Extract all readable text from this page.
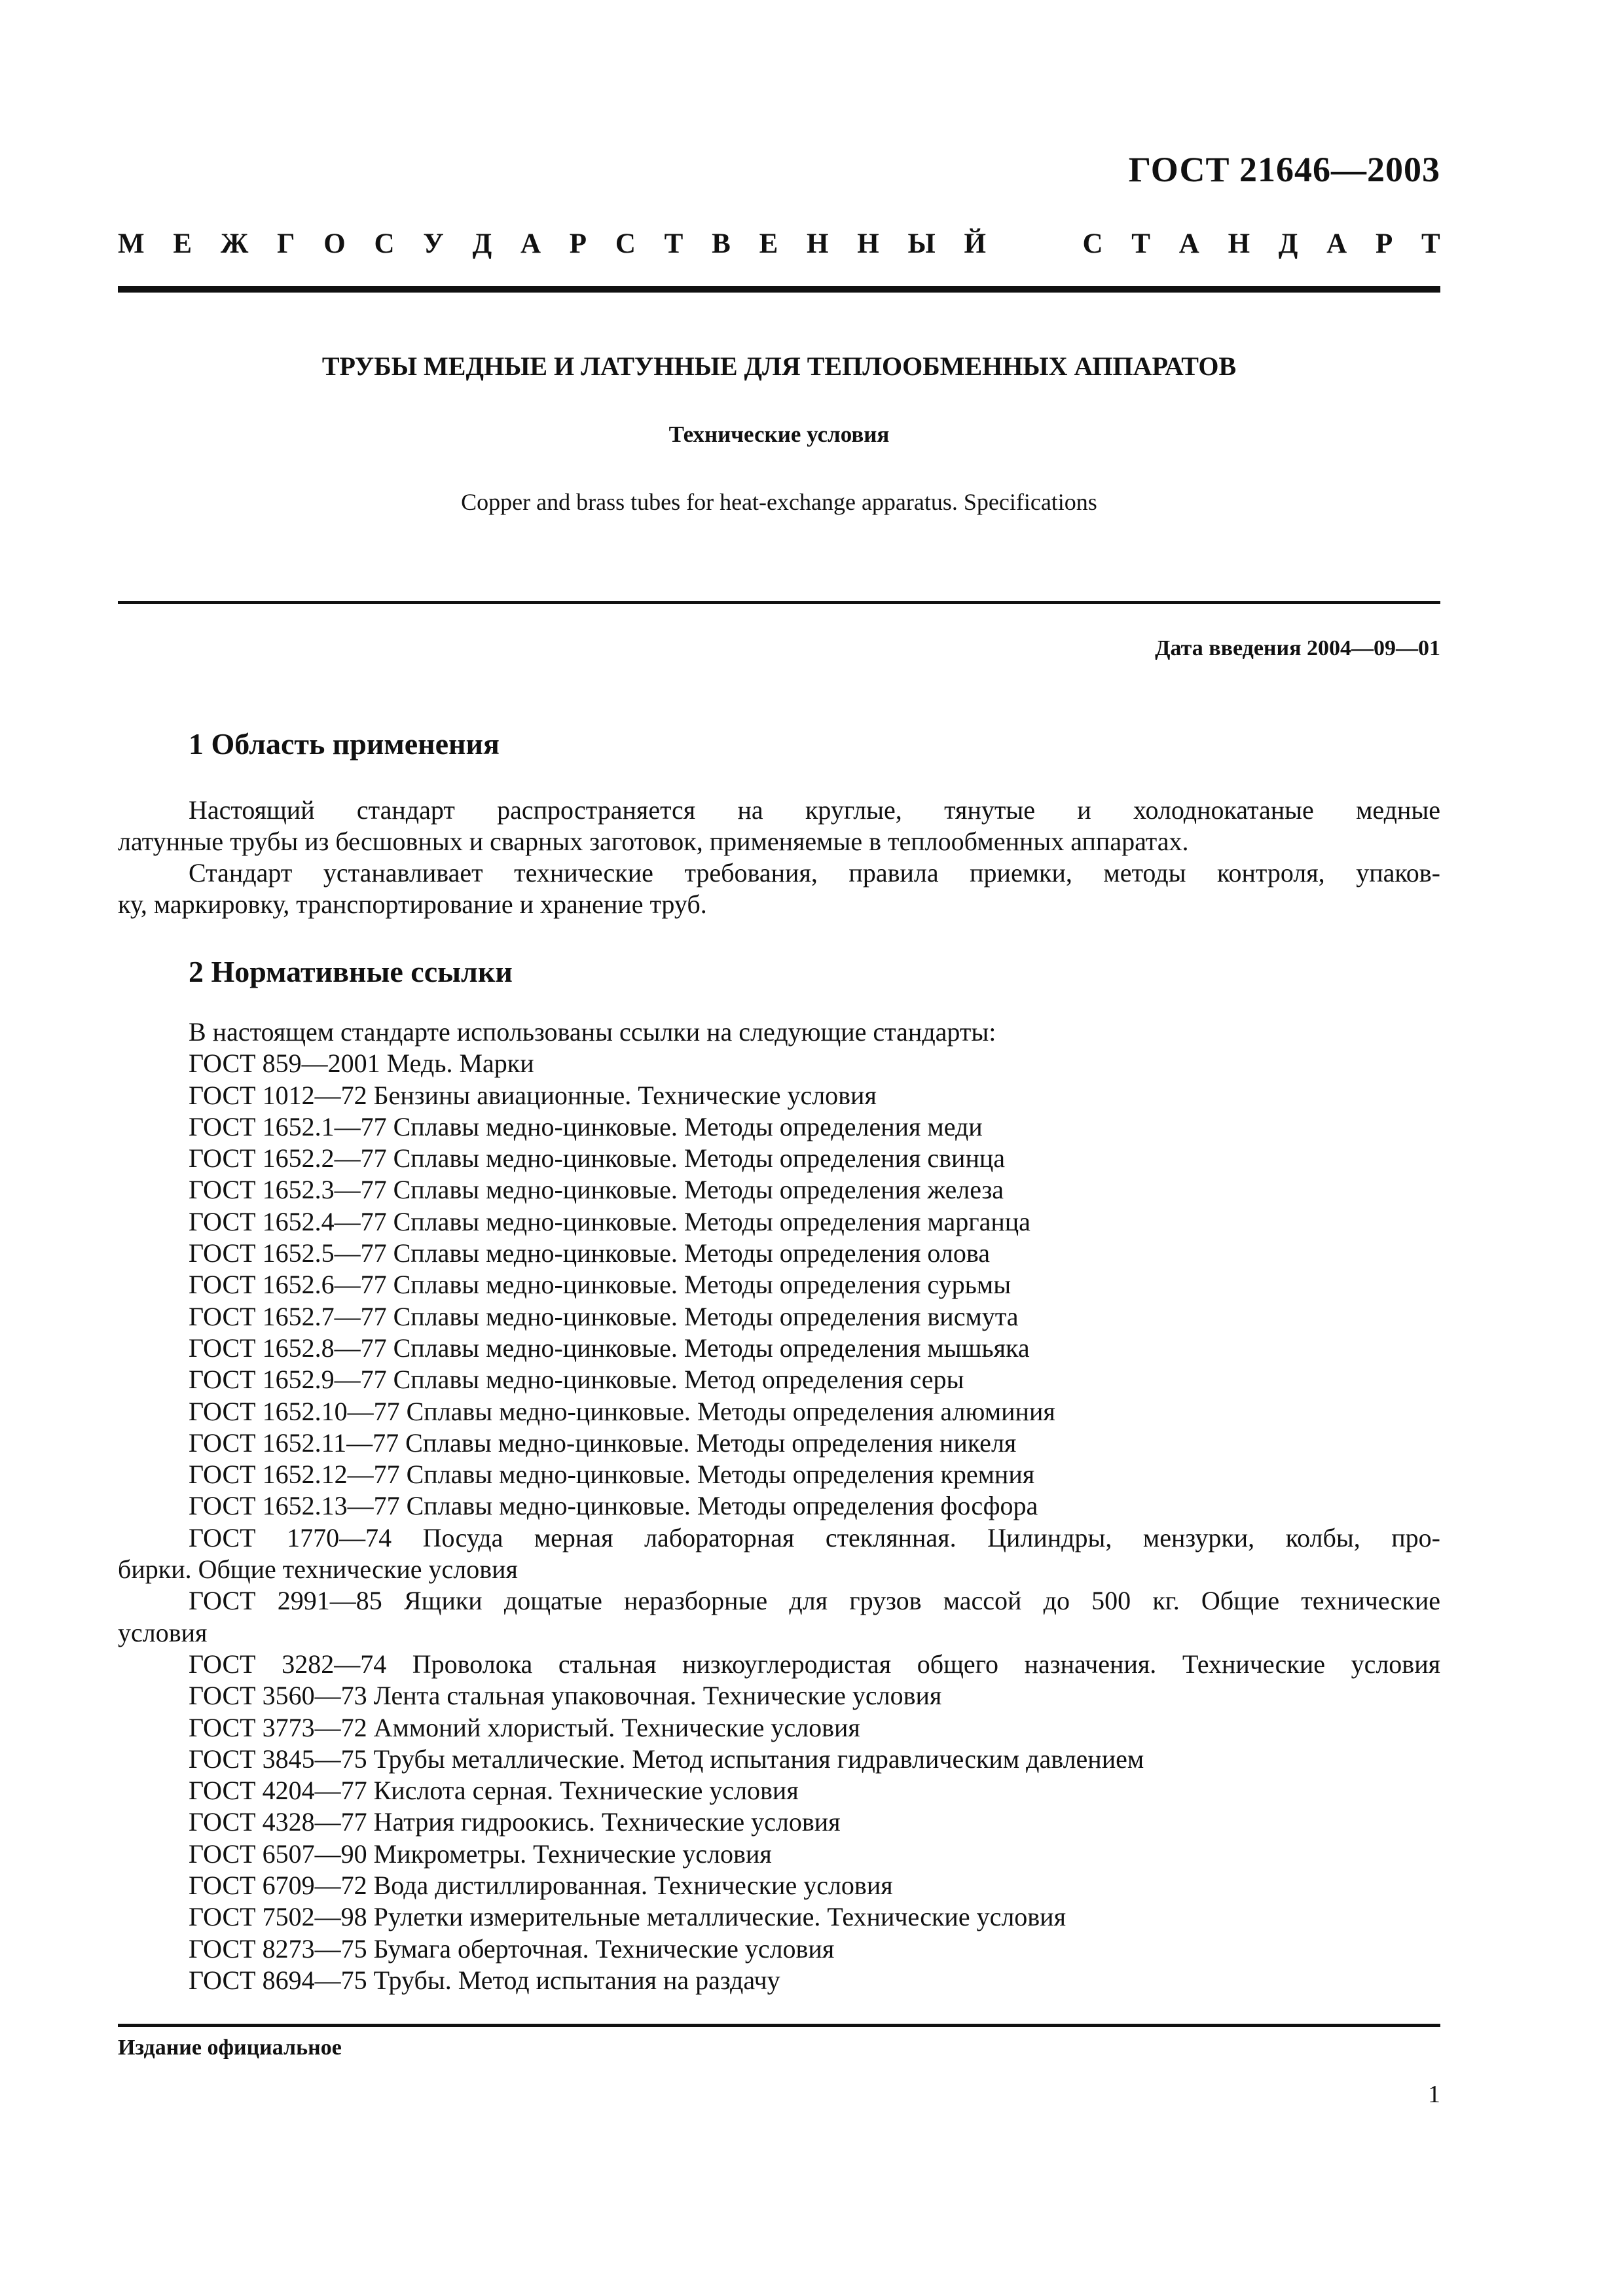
ГОСТ 21646—2003
М Е Ж Г О С У Д А Р С Т В Е Н Н Ы Й	С Т А Н Д А Р Т
ТРУБЫ МЕДНЫЕ И ЛАТУННЫЕ ДЛЯ ТЕПЛООБМЕННЫХ АППАРАТОВ
Технические условия
Copper and brass tubes for heat-exchange apparatus. Specifications
Дата введения 2004—09—01
1 Область применения
Настоящий стандарт распространяется на круглые, тянутые и холоднокатаные медные
латунные трубы из бесшовных и сварных заготовок, применяемые в теплообменных аппаратах.
Стандарт устанавливает технические требования, правила приемки, методы контроля, упаков-
ку, маркировку, транспортирование и хранение труб.
2 Нормативные ссылки
В настоящем стандарте использованы ссылки на следующие стандарты:
ГОСТ 859—2001 Медь. Марки
ГОСТ 1012—72 Бензины авиационные. Технические условия
ГОСТ 1652.1—77 Сплавы медно-цинковые. Методы определения меди
ГОСТ 1652.2—77 Сплавы медно-цинковые. Методы определения свинца
ГОСТ 1652.3—77 Сплавы медно-цинковые. Методы определения железа
ГОСТ 1652.4—77 Сплавы медно-цинковые. Методы определения марганца
ГОСТ 1652.5—77 Сплавы медно-цинковые. Методы определения олова
ГОСТ 1652.6—77 Сплавы медно-цинковые. Методы определения сурьмы
ГОСТ 1652.7—77 Сплавы медно-цинковые. Методы определения висмута
ГОСТ 1652.8—77 Сплавы медно-цинковые. Методы определения мышьяка
ГОСТ 1652.9—77 Сплавы медно-цинковые. Метод определения серы
ГОСТ 1652.10—77 Сплавы медно-цинковые. Методы определения алюминия
ГОСТ 1652.11—77 Сплавы медно-цинковые. Методы определения никеля
ГОСТ 1652.12—77 Сплавы медно-цинковые. Методы определения кремния
ГОСТ 1652.13—77 Сплавы медно-цинковые. Методы определения фосфора
ГОСТ 1770—74 Посуда мерная лабораторная стеклянная. Цилиндры, мензурки, колбы, про-
бирки. Общие технические условия
ГОСТ 2991—85 Ящики дощатые неразборные для грузов массой до 500 кг. Общие технические
условия
ГОСТ 3282—74 Проволока стальная низкоуглеродистая общего назначения. Технические условия
ГОСТ 3560—73 Лента стальная упаковочная. Технические условия
ГОСТ 3773—72 Аммоний хлористый. Технические условия
ГОСТ 3845—75 Трубы металлические. Метод испытания гидравлическим давлением
ГОСТ 4204—77 Кислота серная. Технические условия
ГОСТ 4328—77 Натрия гидроокись. Технические условия
ГОСТ 6507—90 Микрометры. Технические условия
ГОСТ 6709—72 Вода дистиллированная. Технические условия
ГОСТ 7502—98 Рулетки измерительные металлические. Технические условия
ГОСТ 8273—75 Бумага оберточная. Технические условия
ГОСТ 8694—75 Трубы. Метод испытания на раздачу
Издание официальное
1
